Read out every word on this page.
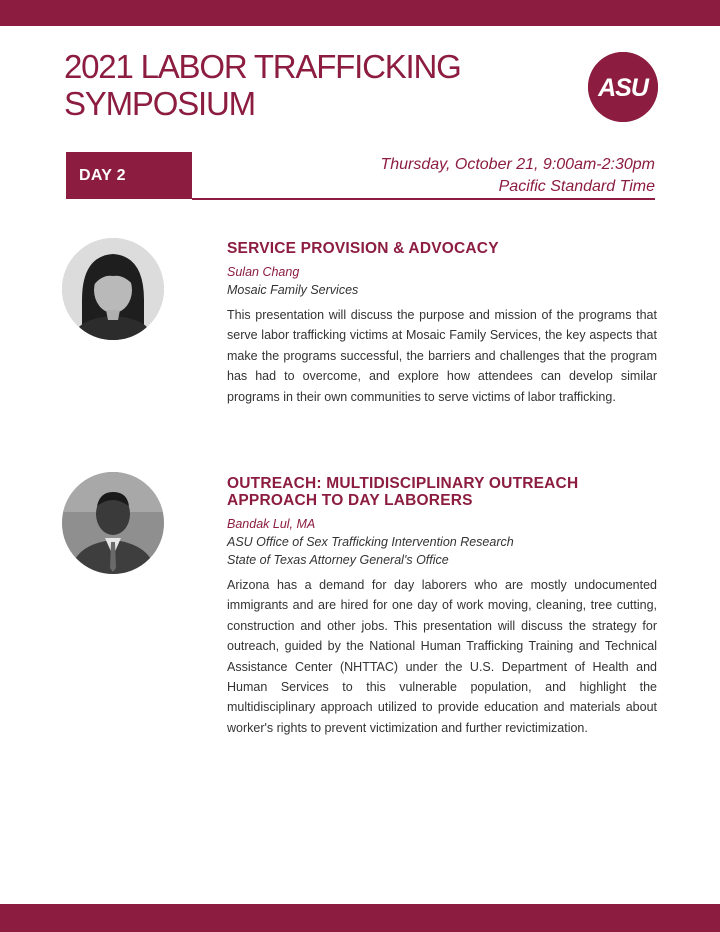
2021 LABOR TRAFFICKING
SYMPOSIUM	ASU
DAY 2
Thursday, October 21, 9:00am-2:30pm
Pacific Standard Time
SERVICE PROVISION & ADVOCACY
Sulan Chang
Mosaic Family Services

This presentation will discuss the purpose and mission of the programs that serve labor trafficking victims at Mosaic Family Services, the key aspects that make the programs successful, the barriers and challenges that the program has had to overcome, and explore how attendees can develop similar programs in their own communities to serve victims of labor trafficking.

OUTREACH: MULTIDISCIPLINARY OUTREACH
APPROACH TO DAY LABORERS
Bandak Lul, MA
ASU Office of Sex Trafficking Intervention Research
State of Texas Attorney General's Office

Arizona has a demand for day laborers who are mostly undocumented immigrants and are hired for one day of work moving, cleaning, tree cutting, construction and other jobs. This presentation will discuss the strategy for outreach, guided by the National Human Trafficking Training and Technical Assistance Center (NHTTAC) under the U.S. Department of Health and Human Services to this vulnerable population, and highlight the multidisciplinary approach utilized to provide education and materials about worker's rights to prevent victimization and further revictimization.
